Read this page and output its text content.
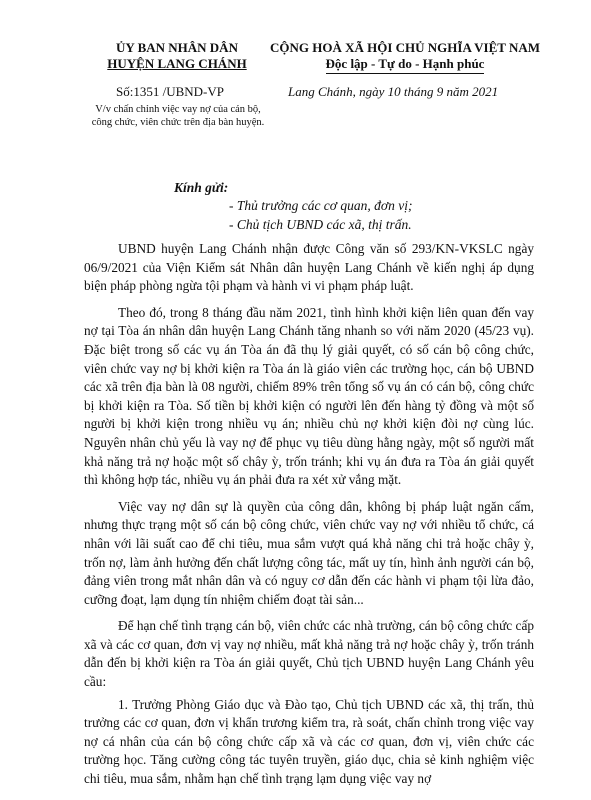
ỦY BAN NHÂN DÂN
HUYỆN LANG CHÁNH
CỘNG HOÀ XÃ HỘI CHỦ NGHĨA VIỆT NAM
Độc lập - Tự do - Hạnh phúc
Số:1351 /UBND-VP	Lang Chánh, ngày 10 tháng 9 năm 2021
V/v chấn chỉnh việc vay nợ của cán bộ, công chức, viên chức trên địa bàn huyện.
Kính gửi:
- Thủ trưởng các cơ quan, đơn vị;
- Chủ tịch UBND các xã, thị trấn.

UBND huyện Lang Chánh nhận được Công văn số 293/KN-VKSLC ngày 06/9/2021 của Viện Kiểm sát Nhân dân huyện Lang Chánh về kiến nghị áp dụng biện pháp phòng ngừa tội phạm và hành vi vi phạm pháp luật.

Theo đó, trong 8 tháng đầu năm 2021, tình hình khởi kiện liên quan đến vay nợ tại Tòa án nhân dân huyện Lang Chánh tăng nhanh so với năm 2020 (45/23 vụ). Đặc biệt trong số các vụ án Tòa án đã thụ lý giải quyết, có số cán bộ công chức, viên chức vay nợ bị khởi kiện ra Tòa án là giáo viên các trường học, cán bộ UBND các xã trên địa bàn là 08 người, chiếm 89% trên tổng số vụ án có cán bộ, công chức bị khởi kiện ra Tòa. Số tiền bị khởi kiện có người lên đến hàng tỷ đồng và một số người bị khởi kiện trong nhiều vụ án; nhiều chủ nợ khởi kiện đòi nợ cùng lúc. Nguyên nhân chủ yếu là vay nợ để phục vụ tiêu dùng hằng ngày, một số người mất khả năng trả nợ hoặc một số chây ỳ, trốn tránh; khi vụ án đưa ra Tòa án giải quyết thì không hợp tác, nhiều vụ án phải đưa ra xét xử vắng mặt.

Việc vay nợ dân sự là quyền của công dân, không bị pháp luật ngăn cấm, nhưng thực trạng một số cán bộ công chức, viên chức vay nợ với nhiều tổ chức, cá nhân với lãi suất cao để chi tiêu, mua sắm vượt quá khả năng chi trả hoặc chây ỳ, trốn nợ, làm ảnh hưởng đến chất lượng công tác, mất uy tín, hình ảnh người cán bộ, đảng viên trong mắt nhân dân và có nguy cơ dẫn đến các hành vi phạm tội lừa đảo, cưỡng đoạt, lạm dụng tín nhiệm chiếm đoạt tài sản...

Để hạn chế tình trạng cán bộ, viên chức các nhà trường, cán bộ công chức cấp xã và các cơ quan, đơn vị vay nợ nhiều, mất khả năng trả nợ hoặc chây ỳ, trốn tránh dẫn đến bị khởi kiện ra Tòa án giải quyết, Chủ tịch UBND huyện Lang Chánh yêu cầu:

1. Trưởng Phòng Giáo dục và Đào tạo, Chủ tịch UBND các xã, thị trấn, thủ trưởng các cơ quan, đơn vị khẩn trương kiểm tra, rà soát, chấn chỉnh trong việc vay nợ cá nhân của cán bộ công chức cấp xã và các cơ quan, đơn vị, viên chức các trường học. Tăng cường công tác tuyên truyền, giáo dục, chia sẻ kinh nghiệm việc chi tiêu, mua sắm, nhằm hạn chế tình trạng lạm dụng việc vay nợ
